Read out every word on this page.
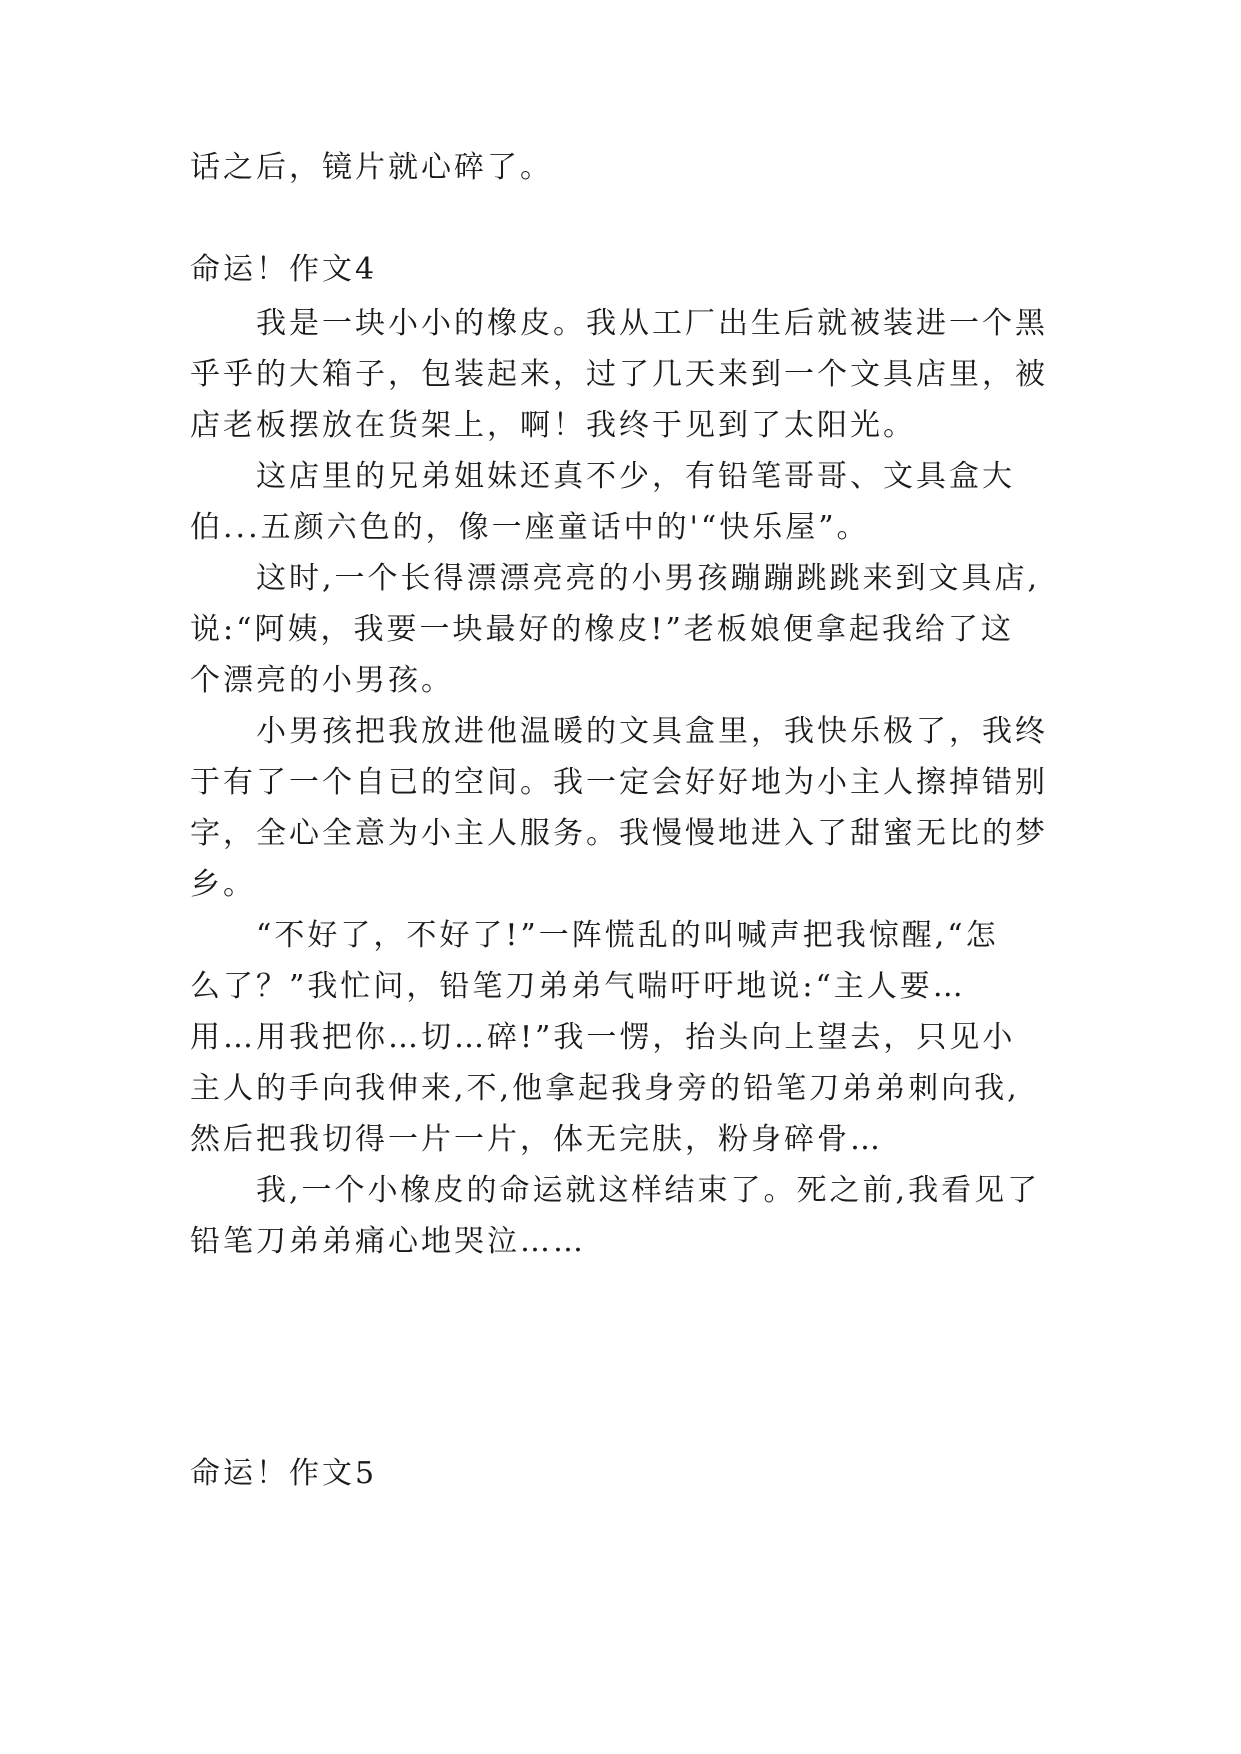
话之后，镜片就心碎了。
命运！作文4
我是一块小小的橡皮。我从工厂出生后就被装进一个黑
乎乎的大箱子，包装起来，过了几天来到一个文具店里，被
店老板摆放在货架上，啊！我终于见到了太阳光。
这店里的兄弟姐妹还真不少，有铅笔哥哥、文具盒大
伯...五颜六色的，像一座童话中的'“快乐屋”。
这时,一个长得漂漂亮亮的小男孩蹦蹦跳跳来到文具店,
说:“阿姨，我要一块最好的橡皮!”老板娘便拿起我给了这
个漂亮的小男孩。
小男孩把我放进他温暖的文具盒里，我快乐极了，我终
于有了一个自已的空间。我一定会好好地为小主人擦掉错别
字，全心全意为小主人服务。我慢慢地进入了甜蜜无比的梦
乡。
“不好了，不好了!”一阵慌乱的叫喊声把我惊醒,“怎
么了？”我忙问，铅笔刀弟弟气喘吁吁地说:“主人要…
用…用我把你…切…碎!”我一愣，抬头向上望去，只见小
主人的手向我伸来,不,他拿起我身旁的铅笔刀弟弟刺向我,
然后把我切得一片一片，体无完肤，粉身碎骨…
我,一个小橡皮的命运就这样结束了。死之前,我看见了
铅笔刀弟弟痛心地哭泣……
命运！作文5
